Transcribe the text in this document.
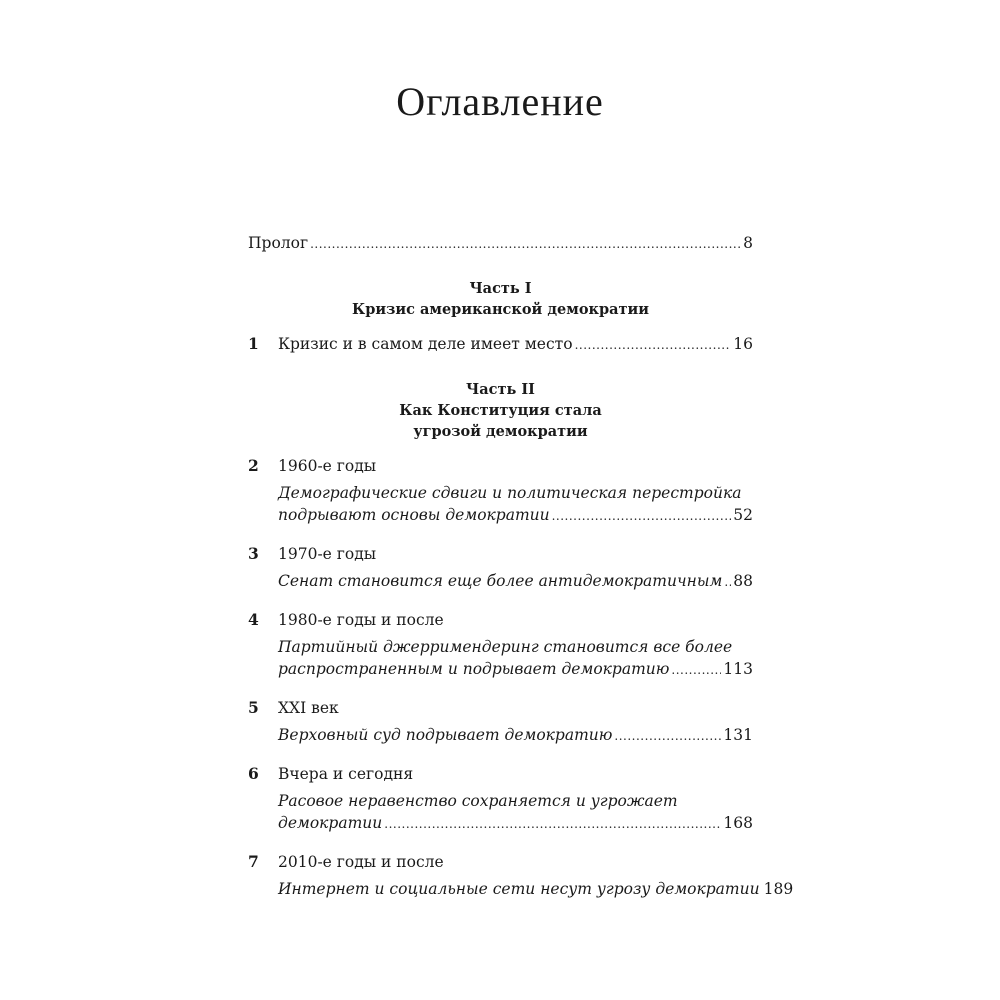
Оглавление
Пролог .....	8
Часть I
Кризис американской демократии
1	Кризис и в самом деле имеет место .....	16
Часть II
Как Конституция стала
угрозой демократии
2	1960-е годы
Демографические сдвиги и политическая перестройка
подрывают основы демократии .....	52
3	1970-е годы
Сенат становится еще более антидемократичным ..... 88
4	1980-е годы и после
Партийный джерримендеринг становится все более
распространенным и подрывает демократию .....	113
5	XXI век
Верховный суд подрывает демократию .....	131
6	Вчера и сегодня
Расовое неравенство сохраняется и угрожает
демократии .....	168
7	2010-е годы и после
Интернет и социальные сети несут угрозу демократии 189
